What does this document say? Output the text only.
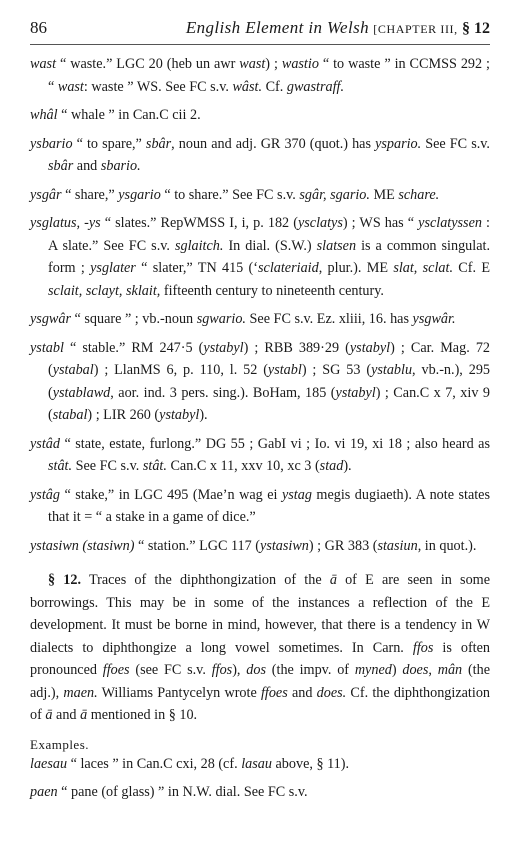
86	English Element in Welsh [CHAPTER III, § 12
wast “ waste.” LGC 20 (heb un awr wast) ; wastio “ to waste ” in CCMSS 292 ; “ wast: waste ” WS. See FC s.v. wâst. Cf. gwastraff.
whâl “ whale ” in Can.C cii 2.
ysbario “ to spare,” sbâr, noun and adj. GR 370 (quot.) has yspario. See FC s.v. sbâr and sbario.
ysgâr “ share,” ysgario “ to share.” See FC s.v. sgâr, sgario. ME schare.
ysglatus, -ys “ slates.” RepWMSS I, i, p. 182 (ysclatys) ; WS has “ ysclatyssen : A slate.” See FC s.v. sglaitch. In dial. (S.W.) slatsen is a common singulat. form ; ysglater “ slater,” TN 415 (‘sclateriaid, plur.). ME slat, sclat. Cf. E sclait, sclayt, sklait, fifteenth century to nineteenth century.
ysgwâr “ square ” ; vb.-noun sgwario. See FC s.v. Ez. xliii, 16. has ysgwâr.
ystabl “ stable.” RM 247·5 (ystabyl) ; RBB 389·29 (ystabyl) ; Car. Mag. 72 (ystabal) ; LlanMS 6, p. 110, l. 52 (ystabl) ; SG 53 (ystablu, vb.-n.), 295 (ystablawd, aor. ind. 3 pers. sing.). BoHam, 185 (ystabyl) ; Can.C x 7, xiv 9 (stabal) ; LIR 260 (ystabyl).
ystâd “ state, estate, furlong.” DG 55 ; GabI vi ; Io. vi 19, xi 18 ; also heard as stât. See FC s.v. stât. Can.C x 11, xxv 10, xc 3 (stad).
ystâg “ stake,” in LGC 495 (Mae’n wag ei ystag megis dugiaeth). A note states that it = “ a stake in a game of dice.”
ystasiwn (stasiwn) “ station.” LGC 117 (ystasiwn) ; GR 383 (stasiun, in quot.).
§ 12. Traces of the diphthongization of the ā of E are seen in some borrowings. This may be in some of the instances a reflection of the E development. It must be borne in mind, however, that there is a tendency in W dialects to diphthongize a long vowel sometimes. In Carn. ffos is often pronounced ffoes (see FC s.v. ffos), dos (the impv. of myned) does, mân (the adj.), maen. Williams Pantycelyn wrote ffoes and does. Cf. the diphthongization of ā and ā mentioned in § 10.
Examples.
laesau “ laces ” in Can.C cxi, 28 (cf. lasau above, § 11).
paen “ pane (of glass) ” in N.W. dial. See FC s.v.
